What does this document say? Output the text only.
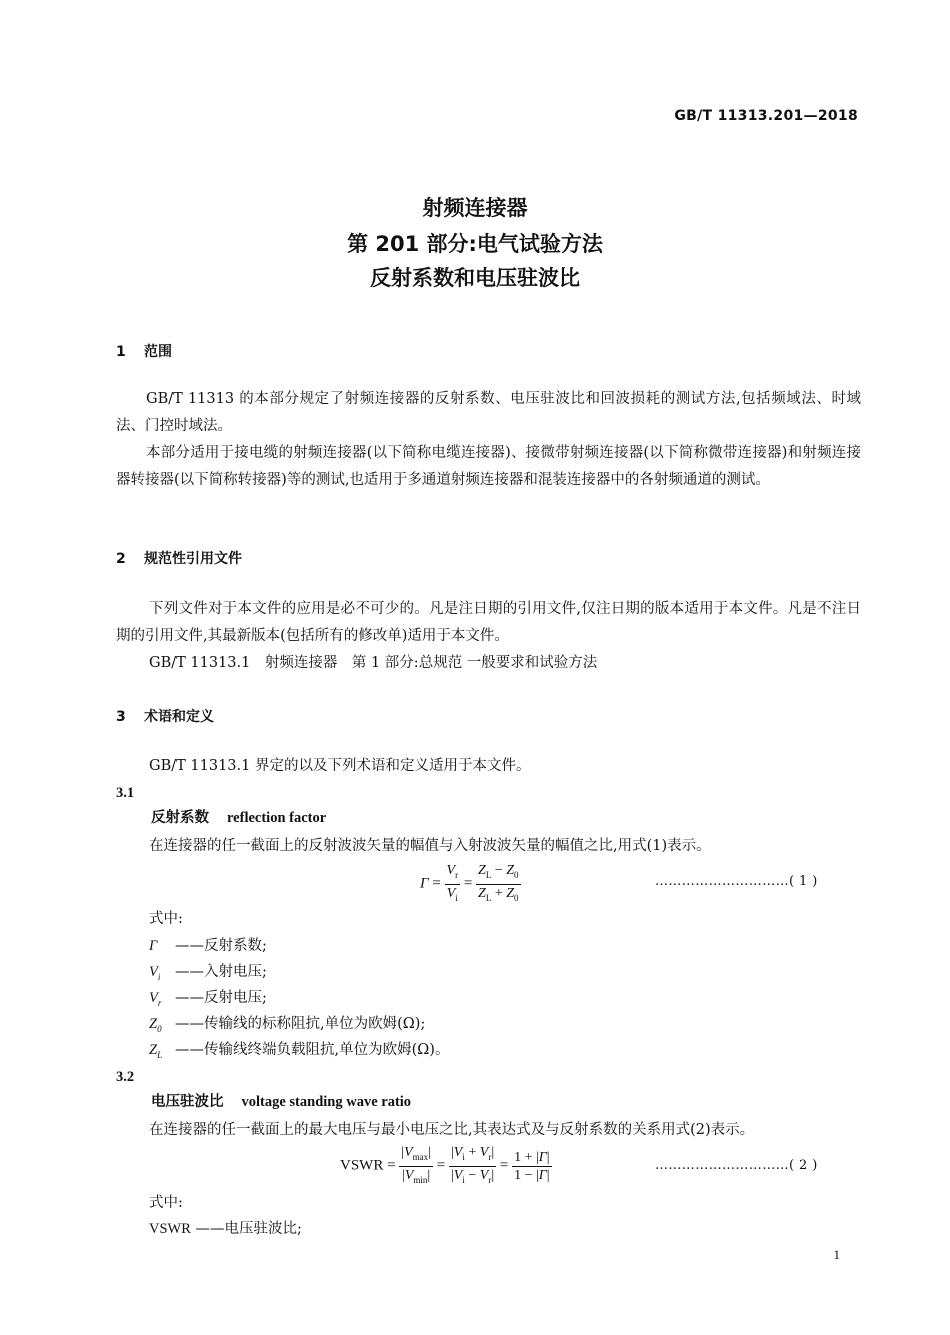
GB/T 11313.201—2018
射频连接器
第 201 部分:电气试验方法
反射系数和电压驻波比
1 范围
GB/T 11313 的本部分规定了射频连接器的反射系数、电压驻波比和回波损耗的测试方法,包括频域法、时域法、门控时域法。
本部分适用于接电缆的射频连接器(以下简称电缆连接器)、接微带射频连接器(以下简称微带连接器)和射频连接器转接器(以下简称转接器)等的测试,也适用于多通道射频连接器和混装连接器中的各射频通道的测试。
2 规范性引用文件
下列文件对于本文件的应用是必不可少的。凡是注日期的引用文件,仅注日期的版本适用于本文件。凡是不注日期的引用文件,其最新版本(包括所有的修改单)适用于本文件。
GB/T 11313.1　射频连接器　第 1 部分:总规范 一般要求和试验方法
3 术语和定义
GB/T 11313.1 界定的以及下列术语和定义适用于本文件。
3.1
反射系数 reflection factor
在连接器的任一截面上的反射波波矢量的幅值与入射波波矢量的幅值之比,用式(1)表示。
$\Gamma = \frac{V_r}{V_i} = \frac{Z_L - Z_0}{Z_L + Z_0}$	…………………………( 1 )
式中:
Γ ——反射系数;
$V_i$ ——入射电压;
$V_r$ ——反射电压;
$Z_0$ ——传输线的标称阻抗,单位为欧姆(Ω);
$Z_L$ ——传输线终端负载阻抗,单位为欧姆(Ω)。
3.2
电压驻波比 voltage standing wave ratio
在连接器的任一截面上的最大电压与最小电压之比,其表达式及与反射系数的关系用式(2)表示。
VSWR = $\frac{|V_{max}|}{|V_{min}|} = \frac{|V_i + V_r|}{|V_i - V_r|} = \frac{1 + |\Gamma|}{1 - |\Gamma|}$	…………………………( 2 )
式中:
VSWR ——电压驻波比;
1
